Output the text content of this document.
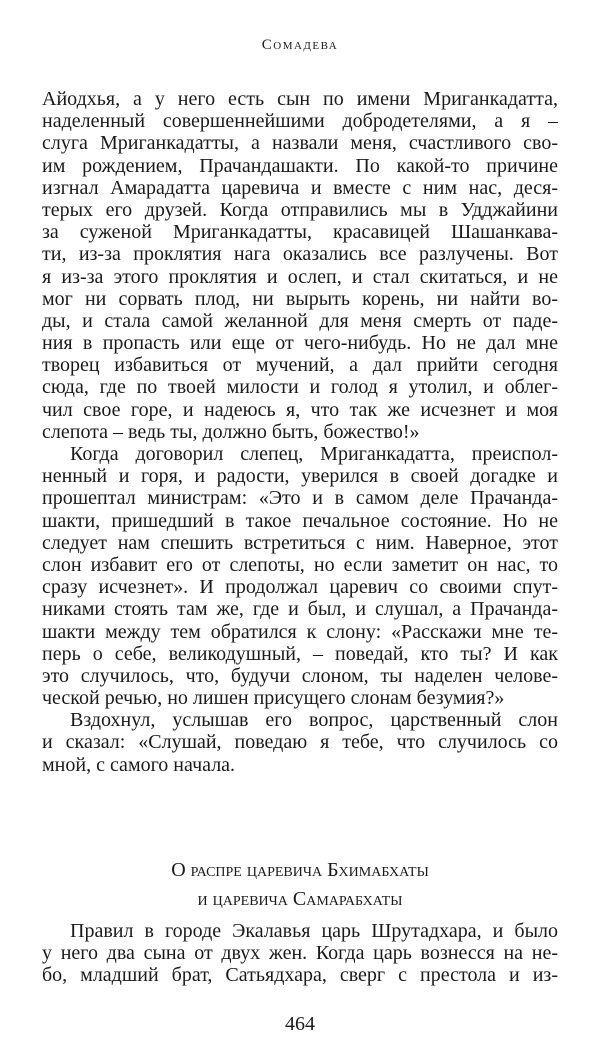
Сомадева
Айодхья, а у него есть сын по имени Мриганкадатта,
наделенный совершеннейшими добродетелями, а я –
слуга Мриганкадатты, а назвали меня, счастливого сво-
им рождением, Прачандашакти. По какой-то причине
изгнал Амарадатта царевича и вместе с ним нас, деся-
терых его друзей. Когда отправились мы в Удджайини
за суженой Мриганкадатты, красавицей Шашанкава-
ти, из-за проклятия нага оказались все разлучены. Вот
я из-за этого проклятия и ослеп, и стал скитаться, и не
мог ни сорвать плод, ни вырыть корень, ни найти во-
ды, и стала самой желанной для меня смерть от паде-
ния в пропасть или еще от чего-нибудь. Но не дал мне
творец избавиться от мучений, а дал прийти сегодня
сюда, где по твоей милости и голод я утолил, и облег-
чил свое горе, и надеюсь я, что так же исчезнет и моя
слепота – ведь ты, должно быть, божество!»
Когда договорил слепец, Мриганкадатта, преиспол-
ненный и горя, и радости, уверился в своей догадке и
прошептал министрам: «Это и в самом деле Прачанда-
шакти, пришедший в такое печальное состояние. Но не
следует нам спешить встретиться с ним. Наверное, этот
слон избавит его от слепоты, но если заметит он нас, то
сразу исчезнет». И продолжал царевич со своими спут-
никами стоять там же, где и был, и слушал, а Прачанда-
шакти между тем обратился к слону: «Расскажи мне те-
перь о себе, великодушный, – поведай, кто ты? И как
это случилось, что, будучи слоном, ты наделен челове-
ческой речью, но лишен присущего слонам безумия?»
Вздохнул, услышав его вопрос, царственный слон
и сказал: «Слушай, поведаю я тебе, что случилось со
мной, с самого начала.
О распре царевича Бхимабхаты
и царевича Самарабхаты
Правил в городе Экалавья царь Шрутадхара, и было
у него два сына от двух жен. Когда царь вознесся на не-
бо, младший брат, Сатьядхара, сверг с престола и из-
464
